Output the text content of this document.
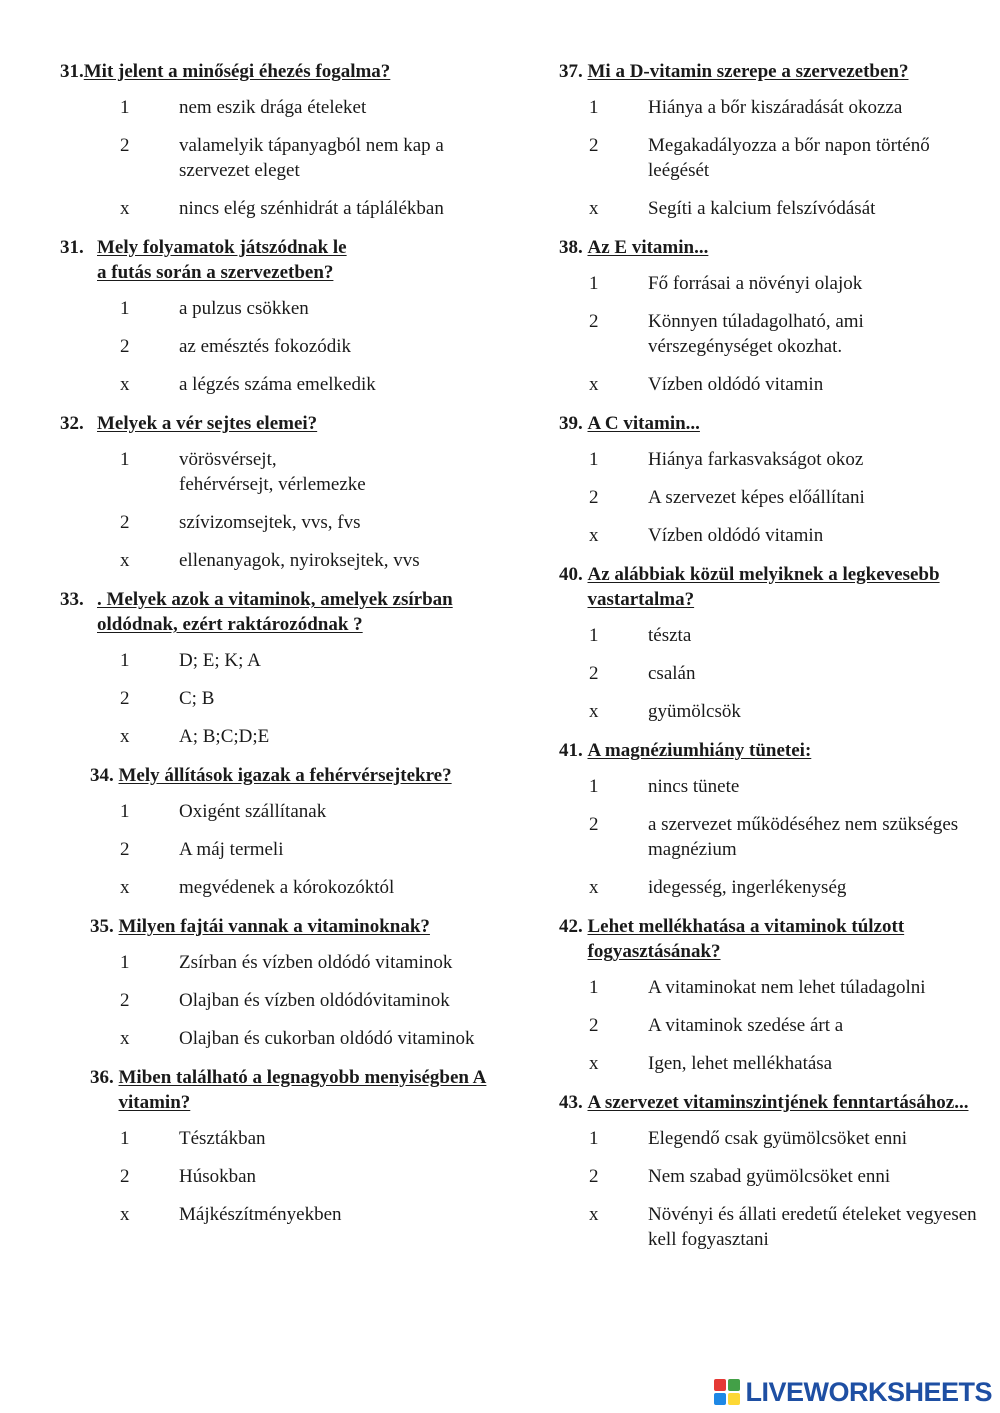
31. Mit jelent a minőségi éhezés fogalma?
1	nem eszik drága ételeket
2	valamelyik tápanyagból nem kap a szervezet eleget
x	nincs elég szénhidrát a táplálékban
31. Mely folyamatok játszódnak le
a futás során a szervezetben?
1	a pulzus csökken
2	az emésztés fokozódik
x	a légzés száma emelkedik
32. Melyek a vér sejtes elemei?
1	vörösvérsejt,
fehérvérsejt, vérlemezke
2	szívizomsejtek, vvs, fvs
x	ellenanyagok, nyiroksejtek, vvs
33. . Melyek azok a vitaminok, amelyek zsírban oldódnak, ezért raktározódnak ?
1	D; E; K; A
2	C; B
x	A; B;C;D;E
34. Mely állítások igazak a fehérvérsejtekre?
1	Oxigént szállítanak
2	A máj termeli
x	megvédenek a kórokozóktól
35. Milyen fajtái vannak a vitaminoknak?
1	Zsírban és vízben oldódó vitaminok
2	Olajban és vízben oldódóvitaminok
x	Olajban és cukorban oldódó vitaminok
36. Miben található a legnagyobb menyiségben A vitamin?
1	Tésztákban
2	Húsokban
x	Májkészítményekben
37. Mi a D-vitamin szerepe a szervezetben?
1	Hiánya a bőr kiszáradását okozza
2	Megakadályozza a bőr napon történő leégését
x	Segíti a kalcium felszívódását
38. Az E vitamin...
1	Fő forrásai a növényi olajok
2	Könnyen túladagolható, ami vérszegénységet okozhat.
x	Vízben oldódó vitamin
39. A C vitamin...
1	Hiánya farkasvakságot okoz
2	A szervezet képes előállítani
x	Vízben oldódó vitamin
40. Az alábbiak közül melyiknek a legkevesebb vastartalma?
1	tészta
2	csalán
x	gyümölcsök
41. A magnéziumhiány tünetei:
1	nincs tünete
2	a szervezet működéséhez nem szükséges magnézium
x	idegesség, ingerlékenység
42. Lehet mellékhatása a vitaminok túlzott fogyasztásának?
1	A vitaminokat nem lehet túladagolni
2	A vitaminok szedése árt a
x	Igen, lehet mellékhatása
43. A szervezet vitaminszintjének fenntartásához...
1	Elegendő csak gyümölcsöket enni
2	Nem szabad gyümölcsöket enni
x	Növényi és állati eredetű ételeket vegyesen kell fogyasztani
LIVEWORKSHEETS
